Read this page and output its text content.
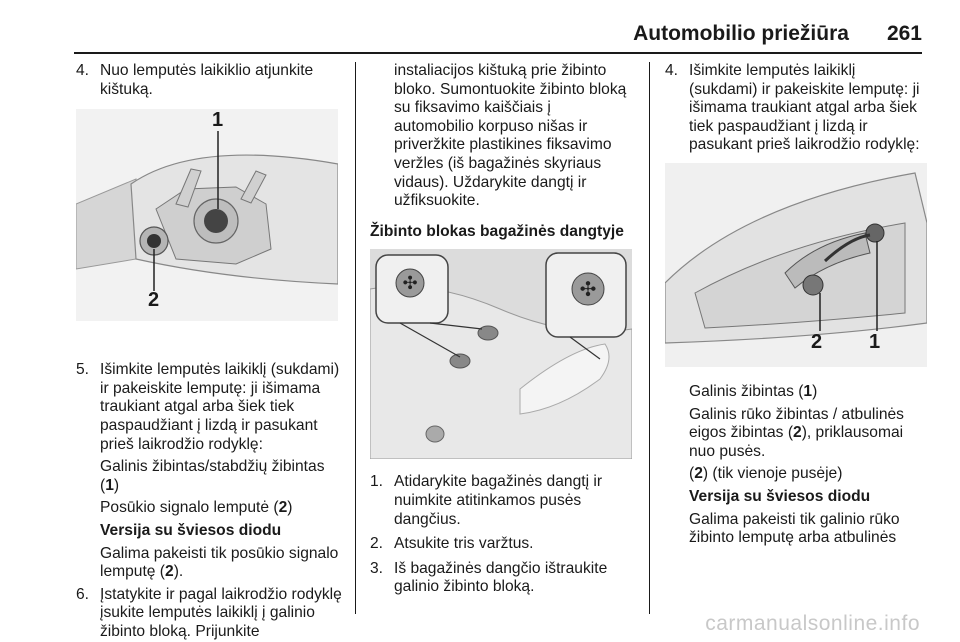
Automobilio priežiūra 261
4. Nuo lemputės laikiklio atjunkite kištuką.
1
2
5. Išimkite lemputės laikiklį (sukdami) ir pakeiskite lemputę: ji išimama traukiant atgal arba šiek tiek paspaudžiant į lizdą ir pasukant prieš laikrodžio rodyklę:

Galinis žibintas/stabdžių žibintas (1)

Posūkio signalo lemputė (2)

Versija su šviesos diodu

Galima pakeisti tik posūkio signalo lemputę (2).

6. Įstatykite ir pagal laikrodžio rodyklę įsukite lemputės laikiklį į galinio žibinto bloką. Prijunkite

instaliacijos kištuką prie žibinto bloko. Sumontuokite žibinto bloką su fiksavimo kaiščiais į automobilio korpuso nišas ir priveržkite plastikines fiksavimo veržles (iš bagažinės skyriaus vidaus). Uždarykite dangtį ir užfiksuokite.

Žibinto blokas bagažinės dangtyje

✣	✣
1. Atidarykite bagažinės dangtį ir nuimkite atitinkamos pusės dangčius.
2. Atsukite tris varžtus.
3. Iš bagažinės dangčio ištraukite galinio žibinto bloką.
4. Išimkite lemputės laikiklį (sukdami) ir pakeiskite lemputę: ji išimama traukiant atgal arba šiek tiek paspaudžiant į lizdą ir pasukant prieš laikrodžio rodyklę:
2 1

Galinis žibintas (1)

Galinis rūko žibintas / atbulinės eigos žibintas (2), priklausomai nuo pusės.

(2) (tik vienoje pusėje)

Versija su šviesos diodu

Galima pakeisti tik galinio rūko žibinto lemputę arba atbulinės

carmanualsonline.info
